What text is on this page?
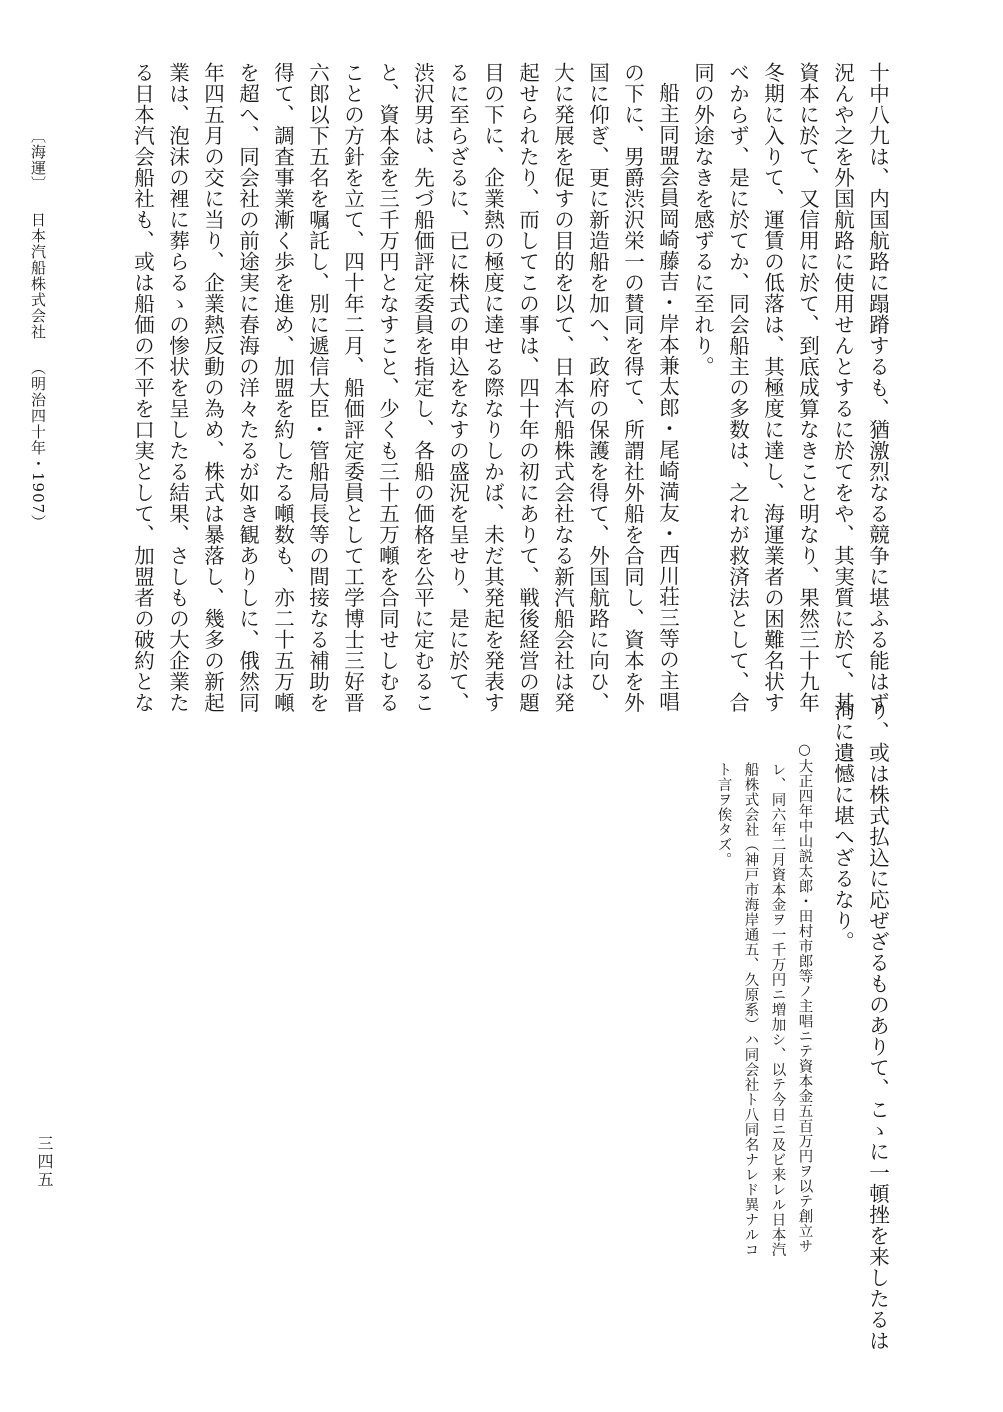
十中八九は、内国航路に蹋蹐するも、猶激烈なる競争に堪ふる能はず
況んや之を外国航路に使用せんとするに於てをや、其実質に於て、其
資本に於て、又信用に於て、到底成算なきこと明なり、果然三十九年
冬期に入りて、運賃の低落は、其極度に達し、海運業者の困難名状す
べからず、是に於てか、同会船主の多数は、之れが救済法として、合
同の外途なきを感ずるに至れり。
船主同盟会員岡崎藤吉・岸本兼太郎・尾崎満友・西川荘三等の主唱
の下に、男爵渋沢栄一の賛同を得て、所謂社外船を合同し、資本を外
国に仰ぎ、更に新造船を加へ、政府の保護を得て、外国航路に向ひ、
大に発展を促すの目的を以て、日本汽船株式会社なる新汽船会社は発
起せられたり、而してこの事は、四十年の初にありて、戦後経営の題
目の下に、企業熱の極度に達せる際なりしかば、未だ其発起を発表す
るに至らざるに、已に株式の申込をなすの盛況を呈せり、是に於て、
渋沢男は、先づ船価評定委員を指定し、各船の価格を公平に定むるこ
と、資本金を三千万円となすこと、少くも三十五万噸を合同せしむる
ことの方針を立て、四十年二月、船価評定委員として工学博士三好晋
六郎以下五名を嘱託し、別に遞信大臣・管船局長等の間接なる補助を
得て、調査事業漸く歩を進め、加盟を約したる噸数も、亦二十五万噸
を超へ、同会社の前途実に春海の洋々たるが如き観ありしに、俄然同
年四五月の交に当り、企業熱反動の為め、株式は暴落し、幾多の新起
業は、泡沫の裡に葬らるゝの惨状を呈したる結果、さしもの大企業た
る日本汽会船社も、或は船価の不平を口実として、加盟者の破約とな
り、或は株式払込に応ぜざるものありて、こゝに一頓挫を来したるは
洵に遺憾に堪へざるなり。
○大正四年中山説太郎・田村市郎等ノ主唱ニテ資本金五百万円ヲ以テ創立サ
レ、同六年二月資本金ヲ一千万円ニ増加シ、以テ今日ニ及ビ来レル日本汽
船株式会社（神戸市海岸通五、久原系）ハ同会社ト八同名ナレド異ナルコ
ト言ヲ俟タズ。
〔海運〕日本汽船株式会社（明治四十年・1907）
三四五
